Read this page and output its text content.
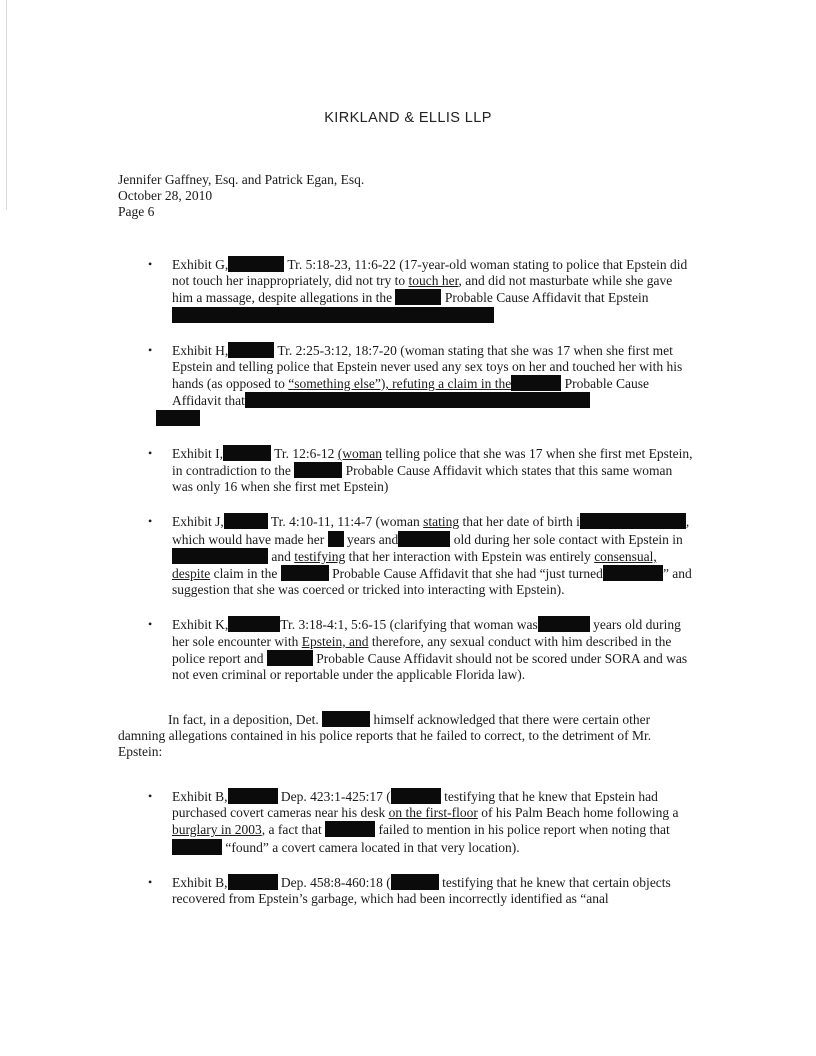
KIRKLAND & ELLIS LLP
Jennifer Gaffney, Esq. and Patrick Egan, Esq.
October 28, 2010
Page 6
• Exhibit G,	Tr. 5:18-23, 11:6-22 (17-year-old woman stating to police that Epstein did not touch her inappropriately, did not try to touch her, and did not masturbate while she gave him a massage, despite allegations in the	Probable Cause Affidavit that Epstein
• Exhibit H,	Tr. 2:25-3:12, 18:7-20 (woman stating that she was 17 when she first met Epstein and telling police that Epstein never used any sex toys on her and touched her with his hands (as opposed to “something else”), refuting a claim in the	Probable Cause Affidavit that

• Exhibit I,	Tr. 12:6-12 (woman telling police that she was 17 when she first met Epstein, in contradiction to the	Probable Cause Affidavit which states that this same woman was only 16 when she first met Epstein)
• Exhibit J,	Tr. 4:10-11, 11:4-7 (woman stating that her date of birth i	, which would have made her  years and	old during her sole contact with Epstein in and testifying that her interaction with Epstein was entirely consensual, despite claim in the	Probable Cause Affidavit that she had “just turned	” and suggestion that she was coerced or tricked into interacting with Epstein).
• Exhibit K,	Tr. 3:18-4:1, 5:6-15 (clarifying that woman was	years old during her sole encounter with Epstein, and therefore, any sexual conduct with him described in the police report and	Probable Cause Affidavit should not be scored under SORA and was not even criminal or reportable under the applicable Florida law).
In fact, in a deposition, Det.	himself acknowledged that there were certain other damning allegations contained in his police reports that he failed to correct, to the detriment of Mr. Epstein:
• Exhibit B,	Dep. 423:1-425:17 (	testifying that he knew that Epstein had purchased covert cameras near his desk on the first-floor of his Palm Beach home following a burglary in 2003, a fact that	failed to mention in his police report when noting that “found” a covert camera located in that very location).
• Exhibit B,	Dep. 458:8-460:18 (	testifying that he knew that certain objects recovered from Epstein’s garbage, which had been incorrectly identified as “anal
